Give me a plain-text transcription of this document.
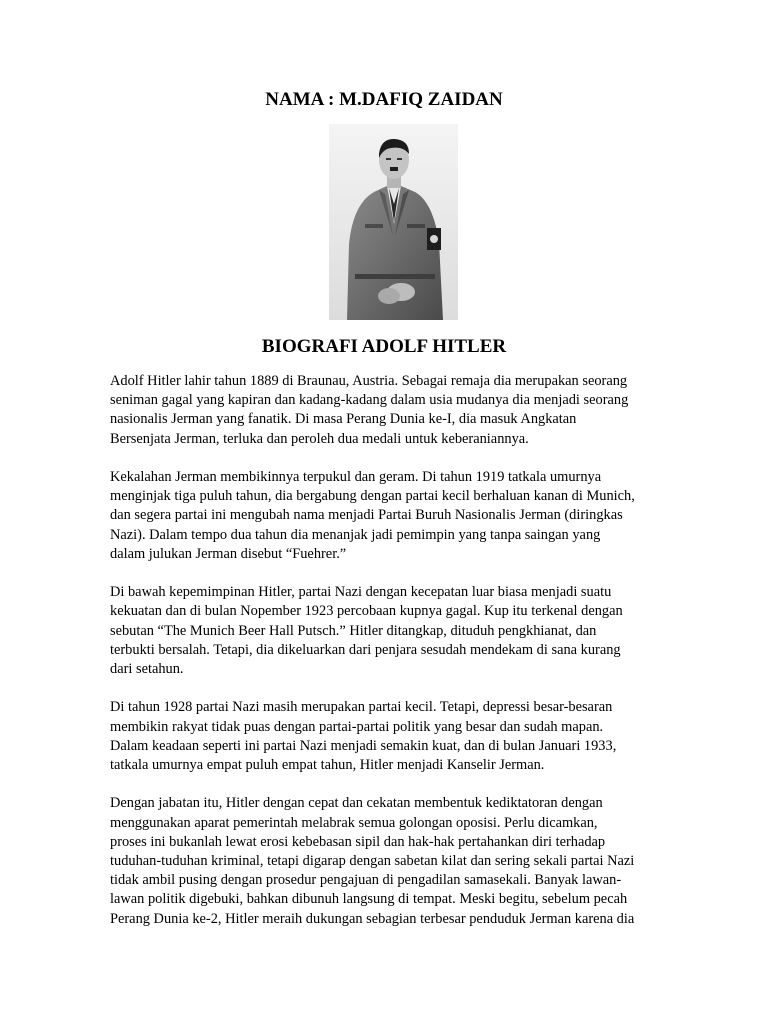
NAMA : M.DAFIQ ZAIDAN
BIOGRAFI ADOLF HITLER

Adolf Hitler lahir tahun 1889 di Braunau, Austria. Sebagai remaja dia merupakan seorang
seniman gagal yang kapiran dan kadang-kadang dalam usia mudanya dia menjadi seorang
nasionalis Jerman yang fanatik. Di masa Perang Dunia ke-I, dia masuk Angkatan
Bersenjata Jerman, terluka dan peroleh dua medali untuk keberaniannya.

Kekalahan Jerman membikinnya terpukul dan geram. Di tahun 1919 tatkala umurnya
menginjak tiga puluh tahun, dia bergabung dengan partai kecil berhaluan kanan di Munich,
dan segera partai ini mengubah nama menjadi Partai Buruh Nasionalis Jerman (diringkas
Nazi). Dalam tempo dua tahun dia menanjak jadi pemimpin yang tanpa saingan yang
dalam julukan Jerman disebut “Fuehrer.”

Di bawah kepemimpinan Hitler, partai Nazi dengan kecepatan luar biasa menjadi suatu
kekuatan dan di bulan Nopember 1923 percobaan kupnya gagal. Kup itu terkenal dengan
sebutan “The Munich Beer Hall Putsch.” Hitler ditangkap, dituduh pengkhianat, dan
terbukti bersalah. Tetapi, dia dikeluarkan dari penjara sesudah mendekam di sana kurang
dari setahun.

Di tahun 1928 partai Nazi masih merupakan partai kecil. Tetapi, depressi besar-besaran
membikin rakyat tidak puas dengan partai-partai politik yang besar dan sudah mapan.
Dalam keadaan seperti ini partai Nazi menjadi semakin kuat, dan di bulan Januari 1933,
tatkala umurnya empat puluh empat tahun, Hitler menjadi Kanselir Jerman.

Dengan jabatan itu, Hitler dengan cepat dan cekatan membentuk kediktatoran dengan
menggunakan aparat pemerintah melabrak semua golongan oposisi. Perlu dicamkan,
proses ini bukanlah lewat erosi kebebasan sipil dan hak-hak pertahankan diri terhadap
tuduhan-tuduhan kriminal, tetapi digarap dengan sabetan kilat dan sering sekali partai Nazi
tidak ambil pusing dengan prosedur pengajuan di pengadilan samasekali. Banyak lawan-
lawan politik digebuki, bahkan dibunuh langsung di tempat. Meski begitu, sebelum pecah
Perang Dunia ke-2, Hitler meraih dukungan sebagian terbesar penduduk Jerman karena dia
